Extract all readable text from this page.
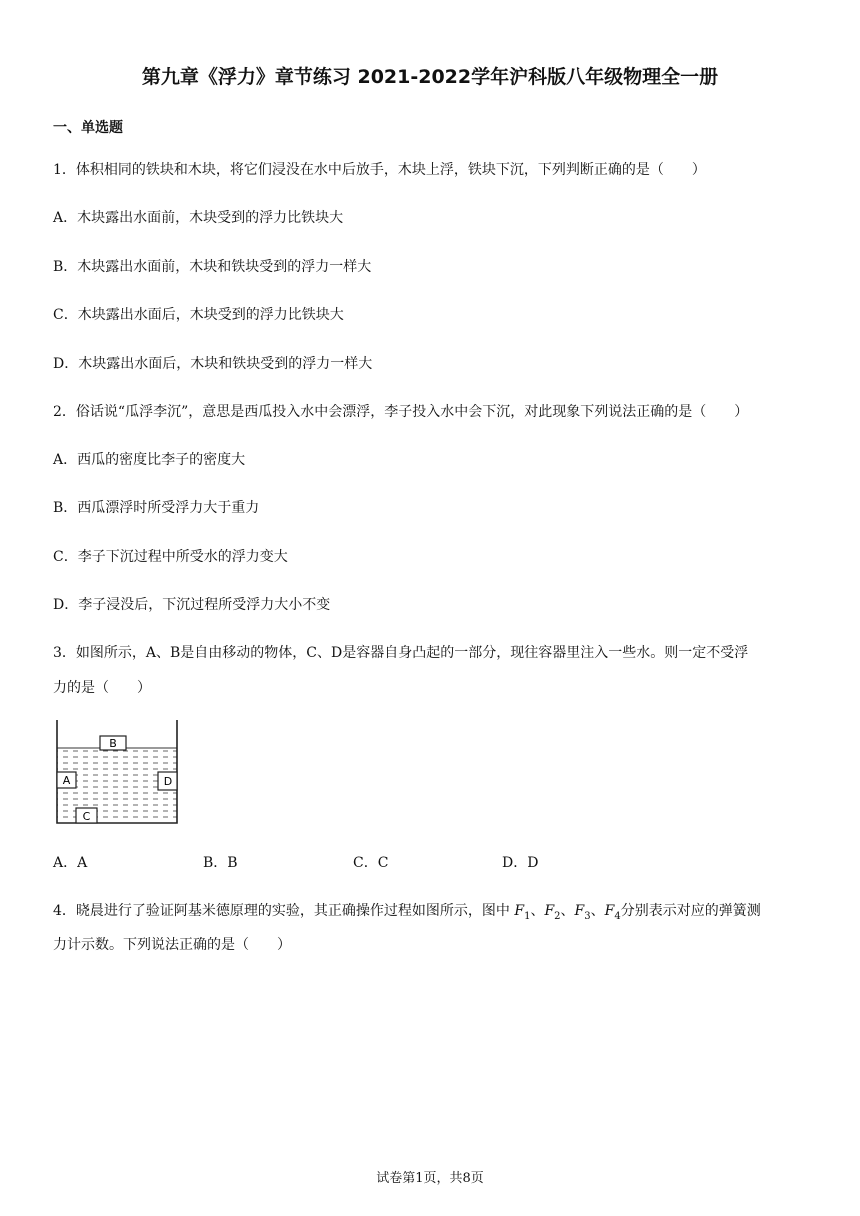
第九章《浮力》章节练习 2021-2022学年沪科版八年级物理全一册
一、单选题
1．体积相同的铁块和木块，将它们浸没在水中后放手，木块上浮，铁块下沉，下列判断正确的是（　　）
A．木块露出水面前，木块受到的浮力比铁块大
B．木块露出水面前，木块和铁块受到的浮力一样大
C．木块露出水面后，木块受到的浮力比铁块大
D．木块露出水面后，木块和铁块受到的浮力一样大
2．俗话说“瓜浮李沉”，意思是西瓜投入水中会漂浮，李子投入水中会下沉，对此现象下列说法正确的是（　　）
A．西瓜的密度比李子的密度大
B．西瓜漂浮时所受浮力大于重力
C．李子下沉过程中所受水的浮力变大
D．李子浸没后，下沉过程所受浮力大小不变
3．如图所示，A、B是自由移动的物体，C、D是容器自身凸起的一部分，现往容器里注入一些水。则一定不受浮
力的是（　　）
B
A	D
C
A．A	B．B	C．C	D．D
4．晓晨进行了验证阿基米德原理的实验，其正确操作过程如图所示，图中 $F_1$、$F_2$、$F_3$、$F_4$分别表示对应的弹簧测
力计示数。下列说法正确的是（　　）
试卷第1页，共8页
